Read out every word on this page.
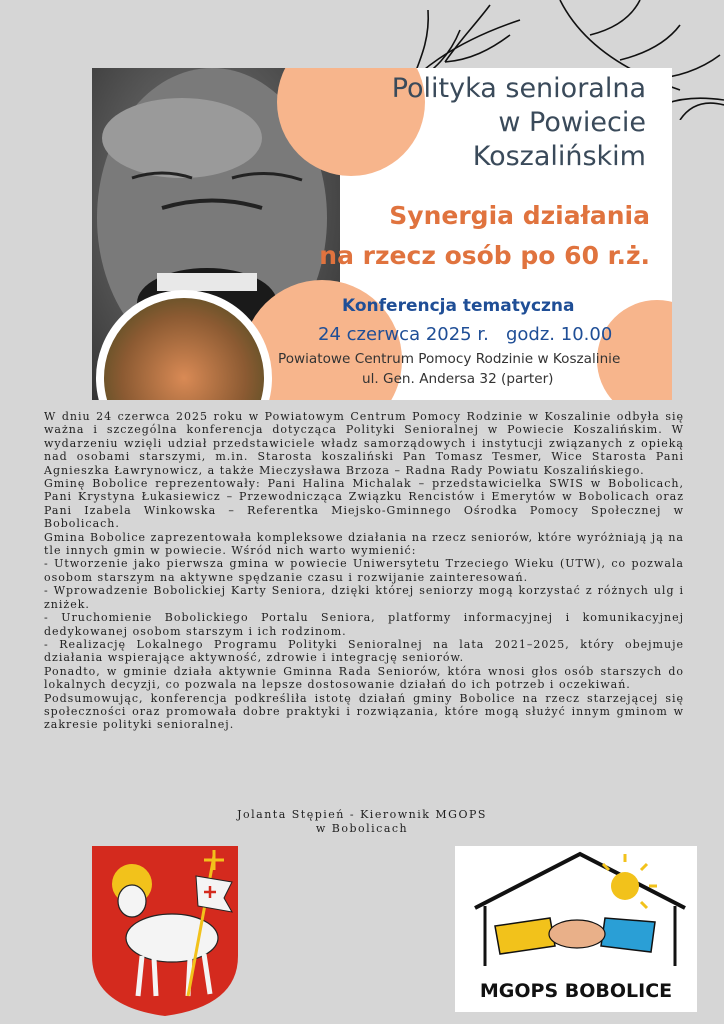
Polityka senioralna
w Powiecie
Koszalińskim
Synergia działania
na rzecz osób po 60 r.ż.
Konferencja tematyczna
24 czerwca 2025 r.   godz. 10.00
Powiatowe Centrum Pomocy Rodzinie w Koszalinie
ul. Gen. Andersa 32 (parter)

W dniu 24 czerwca 2025 roku w Powiatowym Centrum Pomocy Rodzinie w Koszalinie odbyła się ważna i szczególna konferencja dotycząca Polityki Senioralnej w Powiecie Koszalińskim. W wydarzeniu wzięli udział przedstawiciele władz samorządowych i instytucji związanych z opieką nad osobami starszymi, m.in. Starosta koszaliński Pan Tomasz Tesmer, Wice Starosta Pani Agnieszka Ławrynowicz, a także Mieczysława Brzoza – Radna Rady Powiatu Koszalińskiego.

Gminę Bobolice reprezentowały: Pani Halina Michalak – przedstawicielka SWIS w Bobolicach, Pani Krystyna Łukasiewicz – Przewodnicząca Związku Rencistów i Emerytów w Bobolicach oraz Pani Izabela Winkowska – Referentka Miejsko-Gminnego Ośrodka Pomocy Społecznej w Bobolicach.

Gmina Bobolice zaprezentowała kompleksowe działania na rzecz seniorów, które wyróżniają ją na tle innych gmin w powiecie. Wśród nich warto wymienić:

- Utworzenie jako pierwsza gmina w powiecie Uniwersytetu Trzeciego Wieku (UTW), co pozwala osobom starszym na aktywne spędzanie czasu i rozwijanie zainteresowań.

- Wprowadzenie Bobolickiej Karty Seniora, dzięki której seniorzy mogą korzystać z różnych ulg i zniżek.

- Uruchomienie Bobolickiego Portalu Seniora, platformy informacyjnej i komunikacyjnej dedykowanej osobom starszym i ich rodzinom.

- Realizację Lokalnego Programu Polityki Senioralnej na lata 2021–2025, który obejmuje działania wspierające aktywność, zdrowie i integrację seniorów.

Ponadto, w gminie działa aktywnie Gminna Rada Seniorów, która wnosi głos osób starszych do lokalnych decyzji, co pozwala na lepsze dostosowanie działań do ich potrzeb i oczekiwań.

Podsumowując, konferencja podkreśliła istotę działań gminy Bobolice na rzecz starzejącej się społeczności oraz promowała dobre praktyki i rozwiązania, które mogą służyć innym gminom w zakresie polityki senioralnej.

Jolanta Stępień - Kierownik MGOPS
w Bobolicach
MGOPS BOBOLICE
